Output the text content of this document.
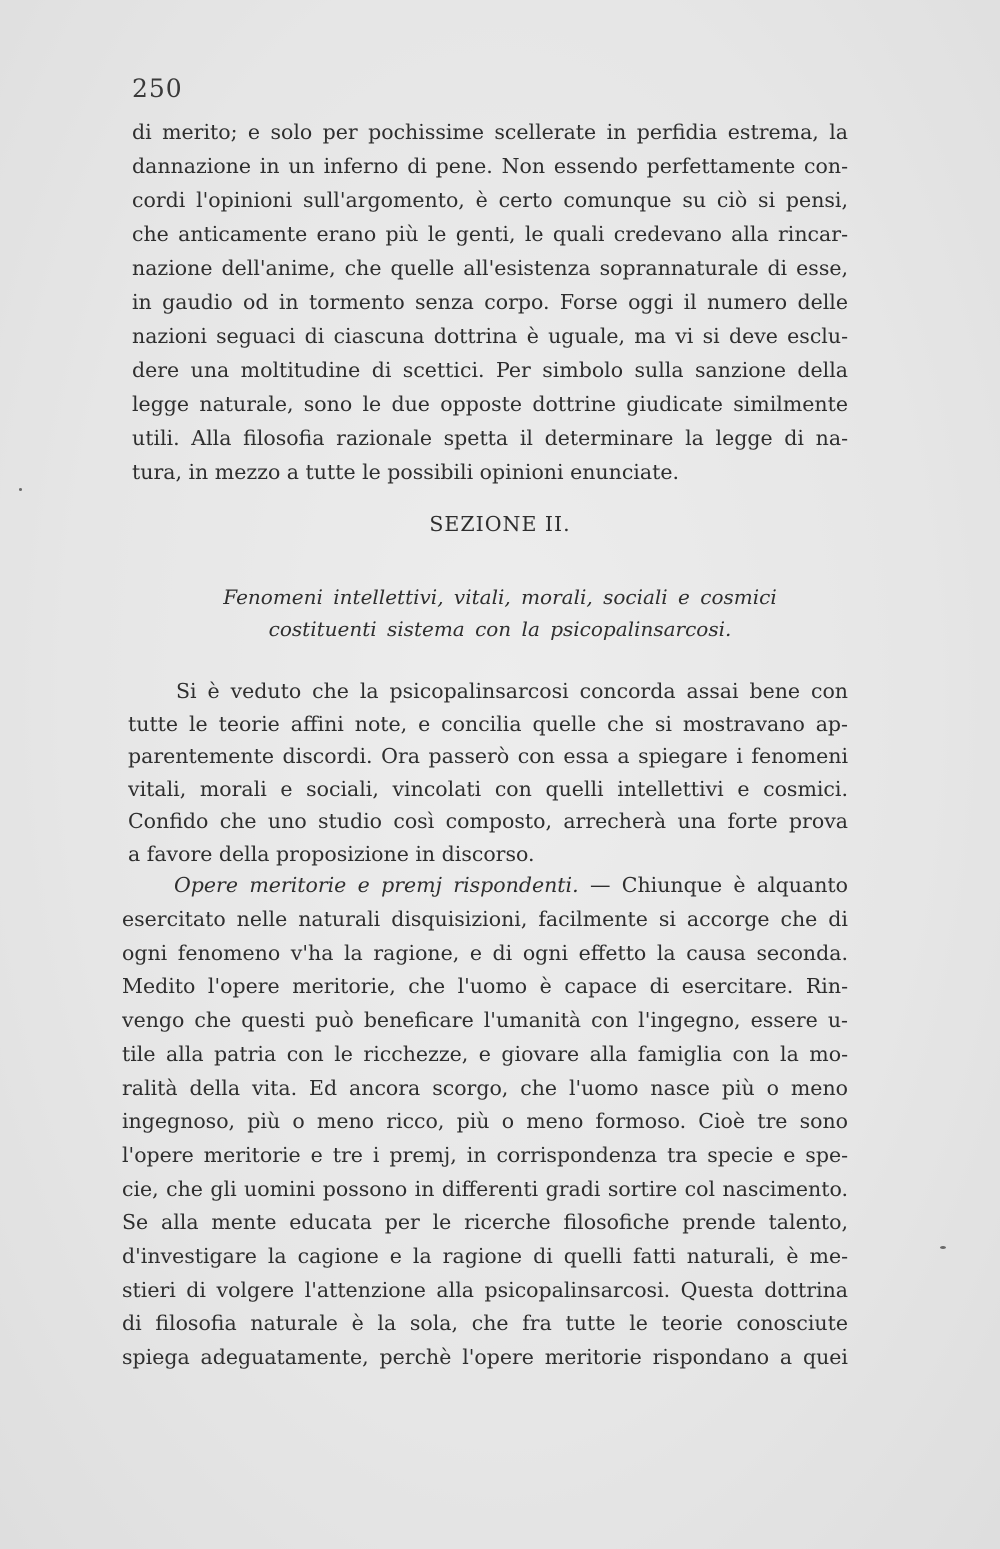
250
di merito; e solo per pochissime scellerate in perfidia estrema, la
dannazione in un inferno di pene. Non essendo perfettamente con-
cordi l'opinioni sull'argomento, è certo comunque su ciò si pensi,
che anticamente erano più le genti, le quali credevano alla rincar-
nazione dell'anime, che quelle all'esistenza soprannaturale di esse,
in gaudio od in tormento senza corpo. Forse oggi il numero delle
nazioni seguaci di ciascuna dottrina è uguale, ma vi si deve esclu-
dere una moltitudine di scettici. Per simbolo sulla sanzione della
legge naturale, sono le due opposte dottrine giudicate similmente
utili. Alla filosofia razionale spetta il determinare la legge di na-
tura, in mezzo a tutte le possibili opinioni enunciate.
SEZIONE II.
Fenomeni intellettivi, vitali, morali, sociali e cosmici
costituenti sistema con la psicopalinsarcosi.
Si è veduto che la psicopalinsarcosi concorda assai bene con
tutte le teorie affini note, e concilia quelle che si mostravano ap-
parentemente discordi. Ora passerò con essa a spiegare i fenomeni
vitali, morali e sociali, vincolati con quelli intellettivi e cosmici.
Confido che uno studio così composto, arrecherà una forte prova
a favore della proposizione in discorso.
Opere meritorie e premj rispondenti. — Chiunque è alquanto
esercitato nelle naturali disquisizioni, facilmente si accorge che di
ogni fenomeno v'ha la ragione, e di ogni effetto la causa seconda.
Medito l'opere meritorie, che l'uomo è capace di esercitare. Rin-
vengo che questi può beneficare l'umanità con l'ingegno, essere u-
tile alla patria con le ricchezze, e giovare alla famiglia con la mo-
ralità della vita. Ed ancora scorgo, che l'uomo nasce più o meno
ingegnoso, più o meno ricco, più o meno formoso. Cioè tre sono
l'opere meritorie e tre i premj, in corrispondenza tra specie e spe-
cie, che gli uomini possono in differenti gradi sortire col nascimento.
Se alla mente educata per le ricerche filosofiche prende talento,
d'investigare la cagione e la ragione di quelli fatti naturali, è me-
stieri di volgere l'attenzione alla psicopalinsarcosi. Questa dottrina
di filosofia naturale è la sola, che fra tutte le teorie conosciute
spiega adeguatamente, perchè l'opere meritorie rispondano a quei
